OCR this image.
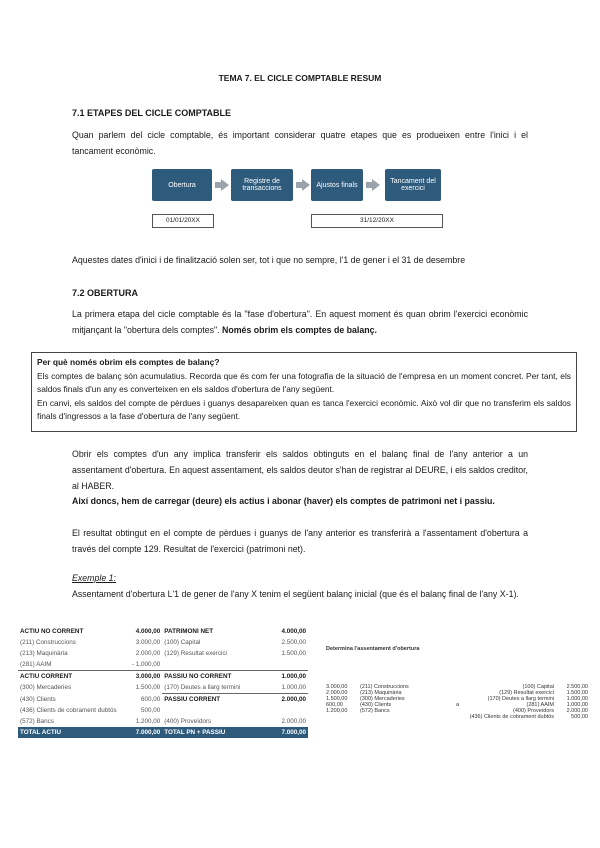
TEMA 7. EL CICLE COMPTABLE RESUM
7.1 ETAPES DEL CICLE COMPTABLE
Quan parlem del cicle comptable, és important considerar quatre etapes que es produeixen entre l'inici i el tancament econòmic.
Obertura	Registre de transaccions	Ajustos finals	Tancament del exercici
01/01/20XX	31/12/20XX
Aquestes dates d'inici i de finalització solen ser, tot i que no sempre, l'1 de gener i el 31 de desembre
7.2 OBERTURA
La primera etapa del cicle comptable és la "fase d'obertura". En aquest moment és quan obrim l'exercici econòmic mitjançant la "obertura dels comptes". Només obrim els comptes de balanç.
Per què només obrim els comptes de balanç?
Els comptes de balanç són acumulatius. Recorda que és com fer una fotografia de la situació de l'empresa en un moment concret. Per tant, els saldos finals d'un any es converteixen en els saldos d'obertura de l'any següent.
En canvi, els saldos del compte de pèrdues i guanys desapareixen quan es tanca l'exercici econòmic. Això vol dir que no transferim els saldos finals d'ingressos a la fase d'obertura de l'any següent.
Obrir els comptes d'un any implica transferir els saldos obtinguts en el balanç final de l'any anterior a un assentament d'obertura. En aquest assentament, els saldos deutor s'han de registrar al DEURE, i els saldos creditor, al HABER.
Així doncs, hem de carregar (deure) els actius i abonar (haver) els comptes de patrimoni net i passiu.
El resultat obtingut en el compte de pèrdues i guanys de l'any anterior es transferirà a l'assentament d'obertura a través del compte 129. Resultat de l'exercici (patrimoni net).
Exemple 1:
Assentament d'obertura L'1 de gener de l'any X tenim el següent balanç inicial (que és el balanç final de l'any X-1).
ACTIU NO CORRENT	4.000,00	PATRIMONI NET	4.000,00
(211) Construccions	3.000,00	(100) Capital	2.500,00
(213) Maquinària	2.000,00	(129) Resultat exercici	1.500,00
(281) AAIM	- 1.000,00		
ACTIU CORRENT	3.000,00	PASSIU NO CORRENT	1.000,00
(300) Mercaderies	1.500,00	(170) Deutes a llarg termini	1.000,00
(430) Clients	600,00	PASSIU CORRENT	2.000,00
(436) Clients de cobrament dubtós	500,00		
(572) Bancs	1.200,00	(400) Proveïdors	2.000,00
TOTAL ACTIU	7.000,00	TOTAL PN + PASSIU	7.000,00
Determina l'assentament d'obertura
3.000,00 (211) Construccions
2.000,00 (213) Maquinària
1.500,00 (300) Mercaderies
600,00	(430) Clients
1.200,00 (572) Bancs
a
(100) Capital 2.500,00
(129) Resultat exercici 1.500,00
(170) Deutes a llarg termini 1.000,00
(281) AAIM 1.000,00
(400) Proveïdors 2.000,00
(436) Clients de cobrament dubtós	500,00
